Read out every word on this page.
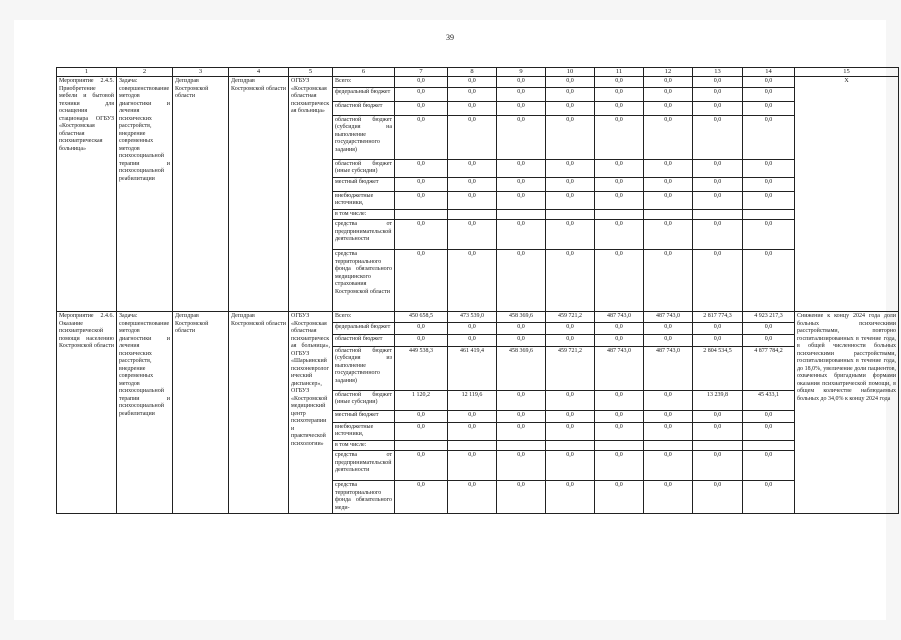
39
1	2	3	4	5	6	7	8	9	10	11	12	13	14	15
Мероприятие 2.4.5. Приобретение мебели и бытовой техники для оснащения стационара ОГБУЗ «Костромская областная психиатрическая больница»	Задача: совершенствование методов диагностики и лечения психических расстройств, внедрение современных методов психосоциальной терапии и психосоциальной реабилитации	Депздрав Костромской области	Депздрав Костромской области	ОГБУЗ «Костромская областная психиатрическая больница»	Всего:	0,0	0,0	0,0	0,0	0,0	0,0	0,0	0,0	X
					федеральный бюджет	0,0	0,0	0,0	0,0	0,0	0,0	0,0	0,0	
					областной бюджет	0,0	0,0	0,0	0,0	0,0	0,0	0,0	0,0	
					областной бюджет (субсидия на выполнение государственного задания)	0,0	0,0	0,0	0,0	0,0	0,0	0,0	0,0	
					областной бюджет (иные субсидии)	0,0	0,0	0,0	0,0	0,0	0,0	0,0	0,0	
					местный бюджет	0,0	0,0	0,0	0,0	0,0	0,0	0,0	0,0	
					внебюджетные источники,	0,0	0,0	0,0	0,0	0,0	0,0	0,0	0,0	
					в том числе:									
					средства от предпринимательской деятельности	0,0	0,0	0,0	0,0	0,0	0,0	0,0	0,0	
					средства территориального фонда обязательного медицинского страхования Костромской области	0,0	0,0	0,0	0,0	0,0	0,0	0,0	0,0	
Мероприятие 2.4.6. Оказание психиатрической помощи населению Костромской области	Задача: совершенствование методов диагностики и лечения психических расстройств, внедрение современных методов психосоциальной терапии и психосоциальной реабилитации	Депздрав Костромской области	Депздрав Костромской области	ОГБУЗ «Костромская областная психиатрическая больница», ОГБУЗ «Шарьинский психоневрологический диспансер», ОГБУЗ «Костромской медицинский центр психотерапии и практической психологии»	Всего:	450 658,5	473 539,0	458 369,6	459 721,2	487 743,0	487 743,0	2 817 774,3	4 923 217,3	Снижение к концу 2024 года доли больных психическими расстройствами, повторно госпитализированных в течение года, в общей численности больных психическими расстройствами, госпитализированных в течение года, до 18,0%, увеличение доли пациентов, охваченных бригадными формами оказания психиатрической помощи, в общем количестве наблюдаемых больных до 34,0% к концу 2024 года
					федеральный бюджет	0,0	0,0	0,0	0,0	0,0	0,0	0,0	0,0	
					областной бюджет	0,0	0,0	0,0	0,0	0,0	0,0	0,0	0,0	
					областной бюджет (субсидия из выполнение государственного задания)	449 538,3	461 419,4	458 369,6	459 721,2	487 743,0	487 743,0	2 804 534,5	4 877 784,2	
					областной бюджет (иные субсидии)	1 120,2	12 119,6	0,0	0,0	0,0	0,0	13 239,8	45 433,1	
					местный бюджет	0,0	0,0	0,0	0,0	0,0	0,0	0,0	0,0	
					внебюджетные источники,	0,0	0,0	0,0	0,0	0,0	0,0	0,0	0,0	
					в том числе:									
					средства от предпринимательской деятельности	0,0	0,0	0,0	0,0	0,0	0,0	0,0	0,0	
					средства территориального фонда обязательного меди-	0,0	0,0	0,0	0,0	0,0	0,0	0,0	0,0	
